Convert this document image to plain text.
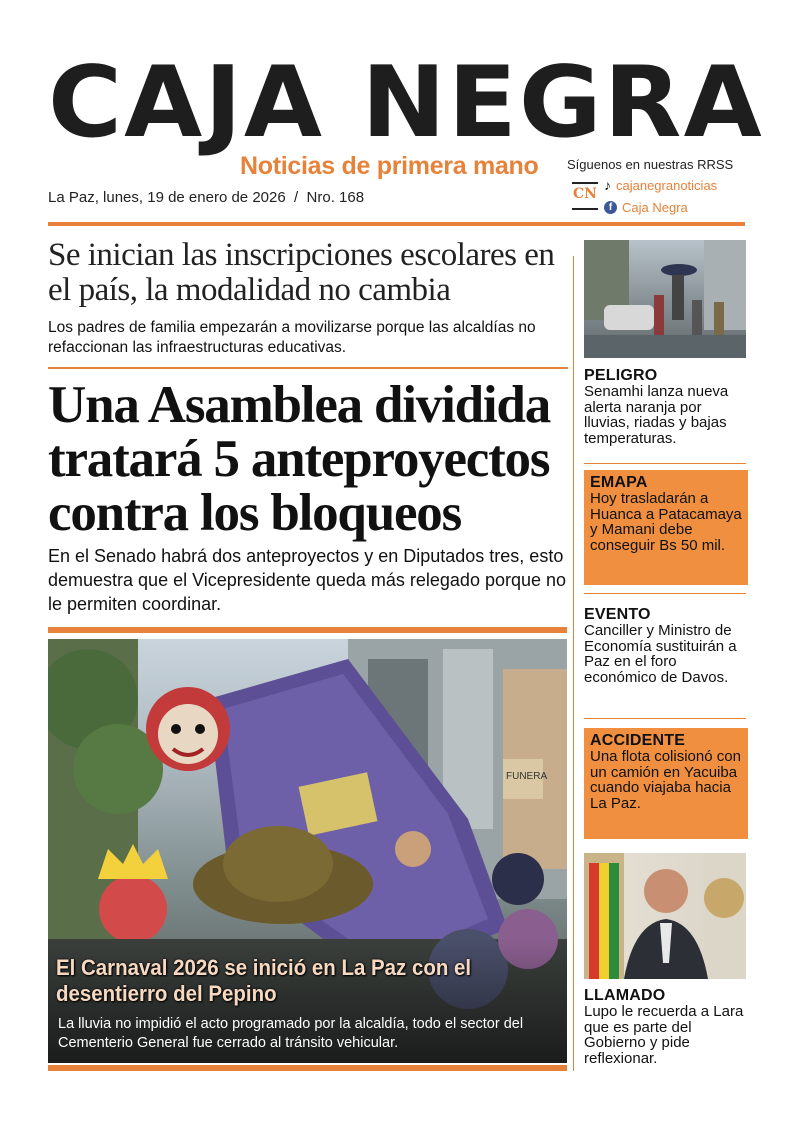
CAJA NEGRA
Noticias de primera mano
La Paz, lunes, 19 de enero de 2026  /  Nro. 168
Síguenos en nuestras RRSS
CN
♪ cajanegranoticias
f Caja Negra
Se inician las inscripciones escolares en el país, la modalidad no cambia
Los padres de familia empezarán a movilizarse porque las alcaldías no refaccionan las infraestructuras educativas.
Una Asamblea dividida tratará 5 anteproyectos contra los bloqueos
En el Senado habrá dos anteproyectos y en Diputados tres, esto demuestra que el Vicepresidente queda más relegado porque no le permiten coordinar.
FUNERA
El Carnaval 2026 se inició en La Paz con el desentierro del Pepino
La lluvia no impidió el acto programado por la alcaldía, todo el sector del Cementerio General fue cerrado al tránsito vehicular.
PELIGRO
Senamhi lanza nueva alerta naranja por lluvias, riadas y bajas temperaturas.
EMAPA
Hoy trasladarán a Huanca a Patacamaya y Mamani debe conseguir Bs 50 mil.
EVENTO
Canciller y Ministro de Economía sustituirán a Paz en el foro económico de Davos.
ACCIDENTE
Una flota colisionó con un camión en Yacuiba cuando viajaba hacia La Paz.
LLAMADO
Lupo le recuerda a Lara que es parte del Gobierno y pide reflexionar.
